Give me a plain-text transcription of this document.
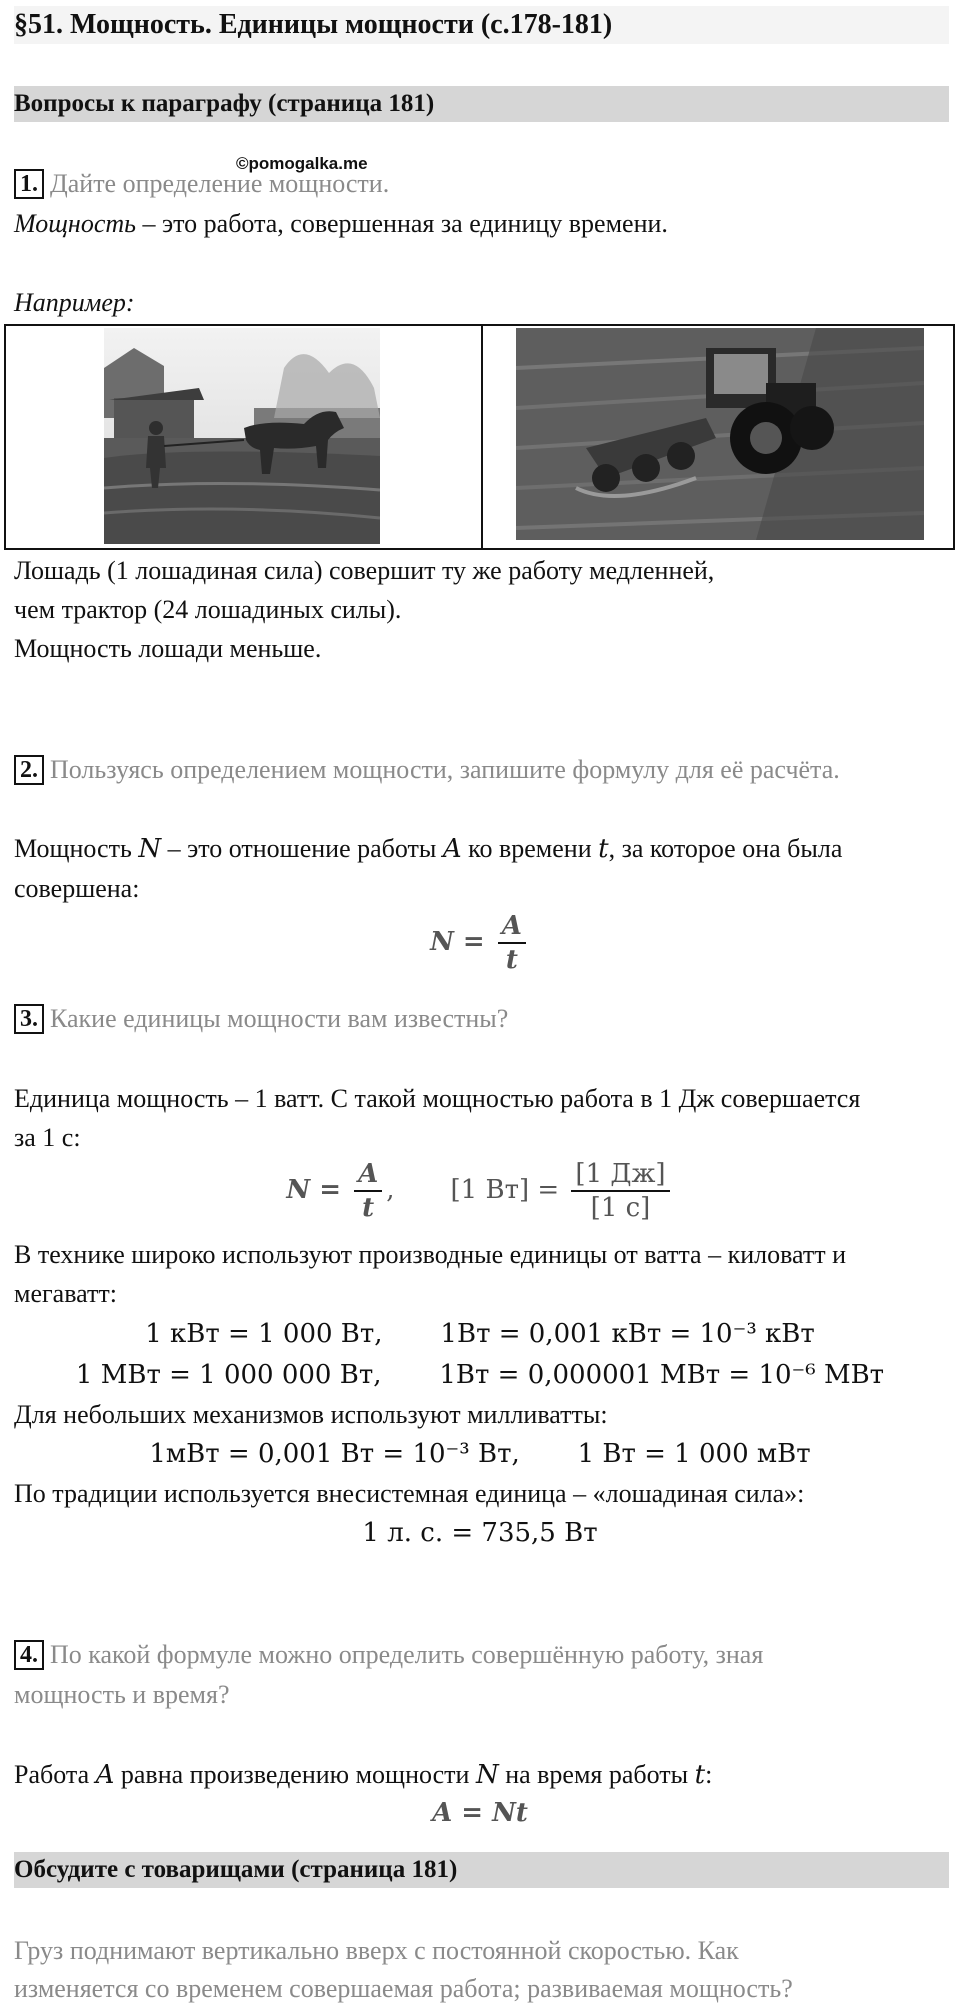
§51. Мощность. Единицы мощности (с.178-181)
Вопросы к параграфу (страница 181)
©pomogalka.me
1. Дайте определение мощности.
Мощность – это работа, совершенная за единицу времени.
Например:
Лошадь (1 лошадиная сила) совершит ту же работу медленней,
чем трактор (24 лошадиных силы).
Мощность лошади меньше.
2. Пользуясь определением мощности, запишите формулу для её расчёта.
Мощность N – это отношение работы A ко времени t, за которое она была
совершена:
$N = \frac{A}{t}$
3. Какие единицы мощности вам известны?
Единица мощность – 1 ватт. С такой мощностью работа в 1 Дж совершается
за 1 с:
$N = \frac{A}{t}$ , [1 $Вт] = \frac{[1 Дж]}{[1 с]}$
В технике широко используют производные единицы от ватта – киловатт и
мегаватт:
1 кВт = 1 000 Вт,       1Вт = 0,001 кВт = 10⁻³ кВт
1 МВт = 1 000 000 Вт,       1Вт = 0,000001 МВт = 10⁻⁶ МВт
Для небольших механизмов используют милливатты:
1мВт = 0,001 Вт = 10⁻³ Вт,       1 Вт = 1 000 мВт
По традиции используется внесистемная единица – «лошадиная сила»:
1 л. с. = 735,5 Вт
4. По какой формуле можно определить совершённую работу, зная
мощность и время?
Работа A равна произведению мощности N на время работы t:
A = Nt
Обсудите с товарищами (страница 181)
Груз поднимают вертикально вверх с постоянной скоростью. Как
изменяется со временем совершаемая работа; развиваемая мощность?
